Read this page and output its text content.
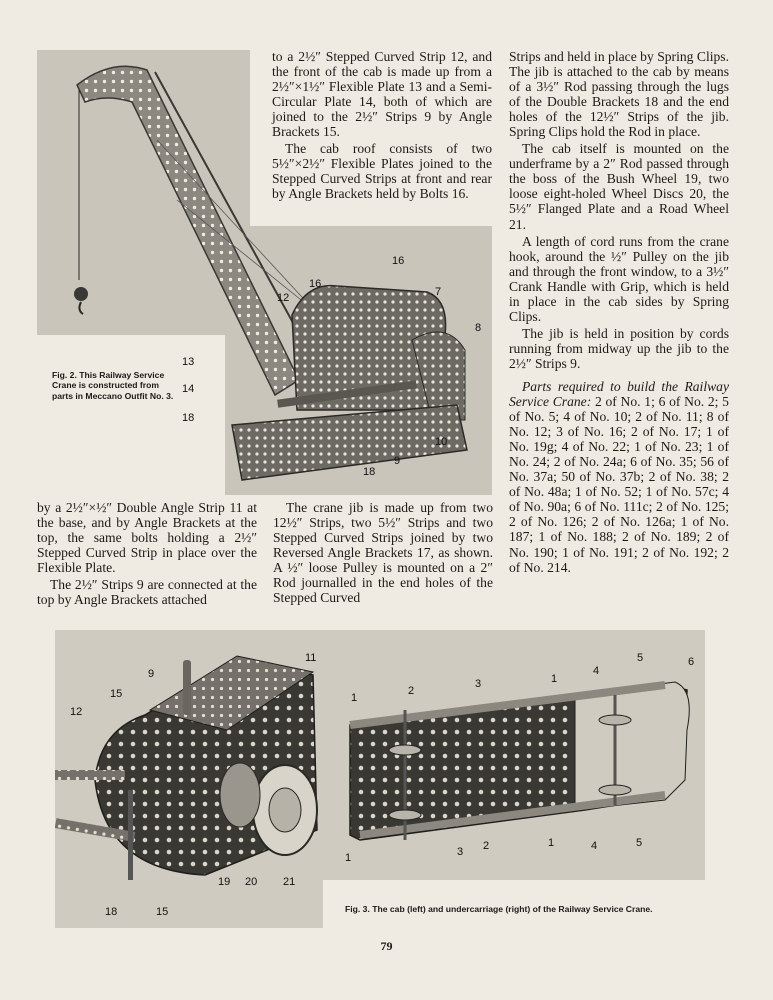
16
16
12	7
8
13
14
18
10
9
18
Fig. 2. This Railway Service Crane is constructed from parts in Meccano Outfit No. 3.

to a 2½″ Stepped Curved Strip 12, and the front of the cab is made up from a 2½″×1½″ Flexible Plate 13 and a Semi-Circular Plate 14, both of which are joined to the 2½″ Strips 9 by Angle Brackets 15.

The cab roof consists of two 5½″×2½″ Flexible Plates joined to the Stepped Curved Strips at front and rear by Angle Brackets held by Bolts 16.

Strips and held in place by Spring Clips. The jib is attached to the cab by means of a 3½″ Rod passing through the lugs of the Double Brackets 18 and the end holes of the 12½″ Strips of the jib. Spring Clips hold the Rod in place.

The cab itself is mounted on the underframe by a 2″ Rod passed through the boss of the Bush Wheel 19, two loose eight-holed Wheel Discs 20, the 5½″ Flanged Plate and a Road Wheel 21.

A length of cord runs from the crane hook, around the ½″ Pulley on the jib and through the front window, to a 3½″ Crank Handle with Grip, which is held in place in the cab sides by Spring Clips.

The jib is held in position by cords running from midway up the jib to the 2½″ Strips 9.

Parts required to build the Railway Service Crane: 2 of No. 1; 6 of No. 2; 5 of No. 5; 4 of No. 10; 2 of No. 11; 8 of No. 12; 3 of No. 16; 2 of No. 17; 1 of No. 19g; 4 of No. 22; 1 of No. 23; 1 of No. 24; 2 of No. 24a; 6 of No. 35; 56 of No. 37a; 50 of No. 37b; 2 of No. 38; 2 of No. 48a; 1 of No. 52; 1 of No. 57c; 4 of No. 90a; 6 of No. 111c; 2 of No. 125; 2 of No. 126; 2 of No. 126a; 1 of No. 187; 1 of No. 188; 2 of No. 189; 2 of No. 190; 1 of No. 191; 2 of No. 192; 2 of No. 214.

by a 2½″×½″ Double Angle Strip 11 at the base, and by Angle Brackets at the top, the same bolts holding a 2½″ Stepped Curved Strip in place over the Flexible Plate.

The 2½″ Strips 9 are connected at the top by Angle Brackets attached

The crane jib is made up from two 12½″ Strips, two 5½″ Strips and two Stepped Curved Strips joined by two Reversed Angle Brackets 17, as shown. A ½″ loose Pulley is mounted on a 2″ Rod journalled in the end holes of the Stepped Curved

9
15
11
12
19 20 21
18	15
1
2
3	1
4
5	6
1	3 2	1	4	5
Fig. 3. The cab (left) and undercarriage (right) of the Railway Service Crane.
79
